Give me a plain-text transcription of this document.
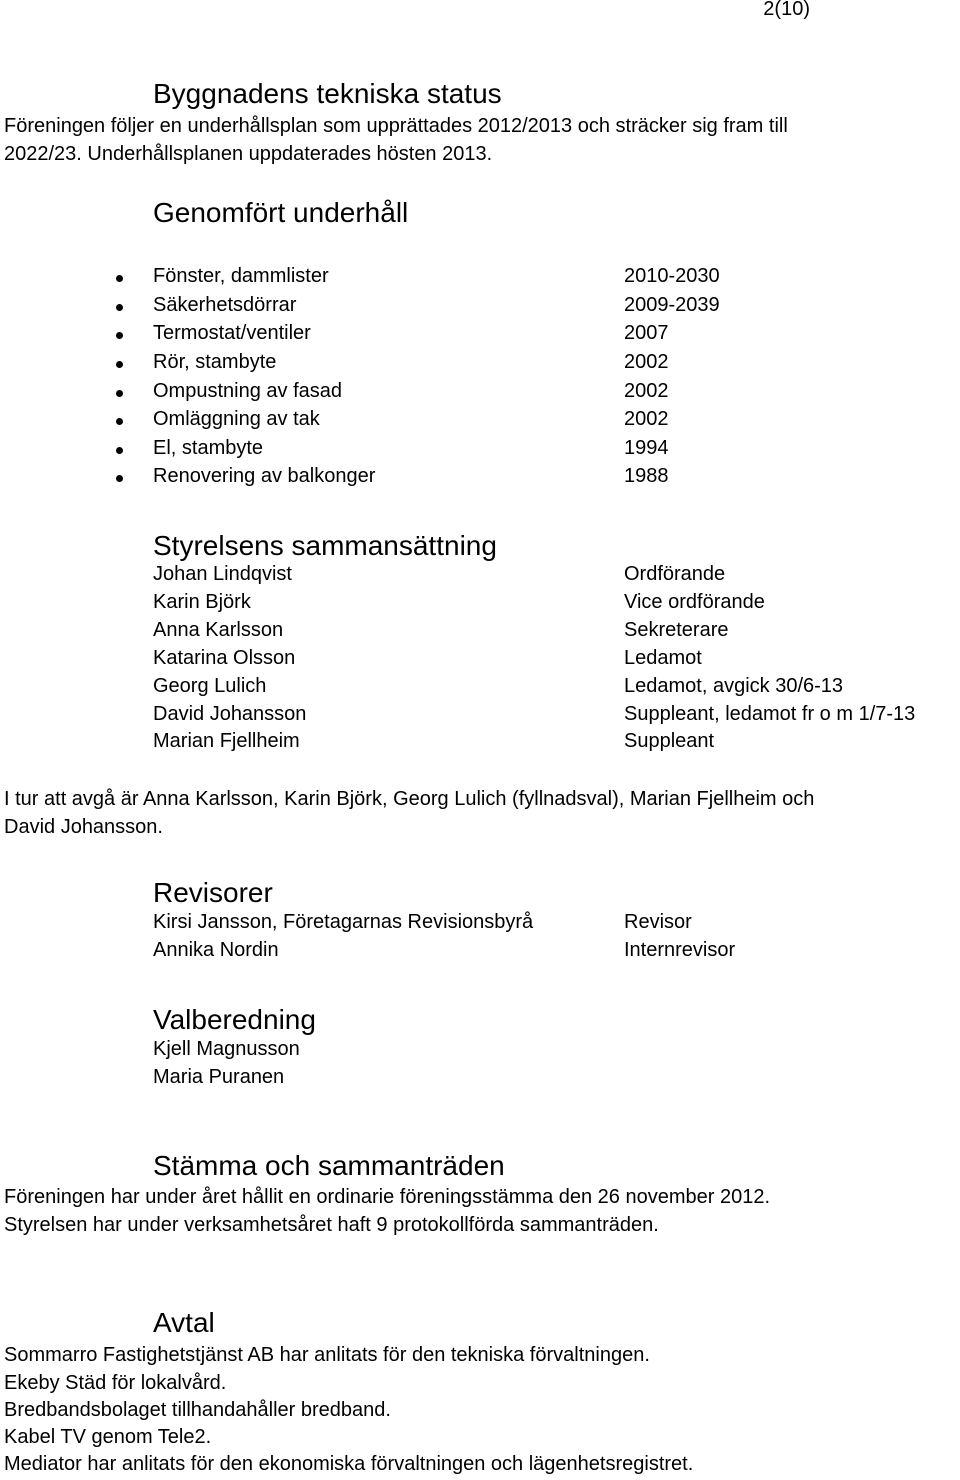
2(10)
Byggnadens tekniska status
Föreningen följer en underhållsplan som upprättades 2012/2013 och sträcker sig fram till
2022/23. Underhållsplanen uppdaterades hösten 2013.
Genomfört underhåll
Fönster, dammlister	2010-2030
Säkerhetsdörrar	2009-2039
Termostat/ventiler	2007
Rör, stambyte	2002
Ompustning av fasad	2002
Omläggning av tak	2002
El, stambyte	1994
Renovering av balkonger	1988
Styrelsens sammansättning
Johan Lindqvist	Ordförande
Karin Björk	Vice ordförande
Anna Karlsson	Sekreterare
Katarina Olsson	Ledamot
Georg Lulich	Ledamot, avgick 30/6-13
David Johansson	Suppleant, ledamot fr o m 1/7-13
Marian Fjellheim	Suppleant
I tur att avgå är Anna Karlsson, Karin Björk, Georg Lulich (fyllnadsval), Marian Fjellheim och
David Johansson.
Revisorer
Kirsi Jansson, Företagarnas Revisionsbyrå	Revisor
Annika Nordin	Internrevisor
Valberedning
Kjell Magnusson
Maria Puranen
Stämma och sammanträden
Föreningen har under året hållit en ordinarie föreningsstämma den 26 november 2012.
Styrelsen har under verksamhetsåret haft 9 protokollförda sammanträden.
Avtal
Sommarro Fastighetstjänst AB har anlitats för den tekniska förvaltningen.
Ekeby Städ för lokalvård.
Bredbandsbolaget tillhandahåller bredband.
Kabel TV genom Tele2.
Mediator har anlitats för den ekonomiska förvaltningen och lägenhetsregistret.
